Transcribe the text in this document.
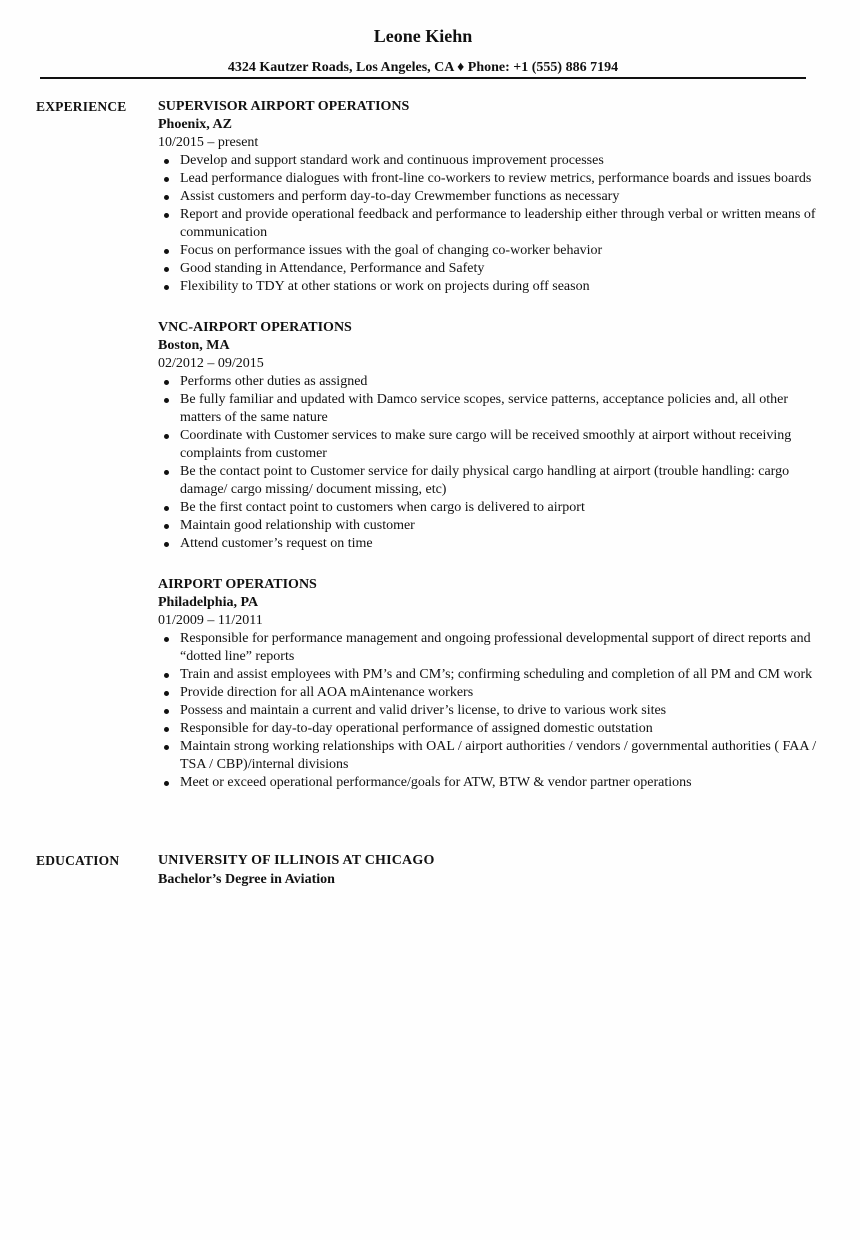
Leone Kiehn
4324 Kautzer Roads, Los Angeles, CA ♦ Phone: +1 (555) 886 7194
EXPERIENCE SUPERVISOR AIRPORT OPERATIONS
Phoenix, AZ
10/2015 – present
Develop and support standard work and continuous improvement processes
Lead performance dialogues with front-line co-workers to review metrics, performance boards and issues boards
Assist customers and perform day-to-day Crewmember functions as necessary
Report and provide operational feedback and performance to leadership either through verbal or written means of communication
Focus on performance issues with the goal of changing co-worker behavior
Good standing in Attendance, Performance and Safety
Flexibility to TDY at other stations or work on projects during off season
VNC-AIRPORT OPERATIONS
Boston, MA
02/2012 – 09/2015
Performs other duties as assigned
Be fully familiar and updated with Damco service scopes, service patterns, acceptance policies and, all other matters of the same nature
Coordinate with Customer services to make sure cargo will be received smoothly at airport without receiving complaints from customer
Be the contact point to Customer service for daily physical cargo handling at airport (trouble handling: cargo damage/ cargo missing/ document missing, etc)
Be the first contact point to customers when cargo is delivered to airport
Maintain good relationship with customer
Attend customer’s request on time
AIRPORT OPERATIONS
Philadelphia, PA
01/2009 – 11/2011
Responsible for performance management and ongoing professional developmental support of direct reports and “dotted line” reports
Train and assist employees with PM’s and CM’s; confirming scheduling and completion of all PM and CM work
Provide direction for all AOA mAintenance workers
Possess and maintain a current and valid driver’s license, to drive to various work sites
Responsible for day-to-day operational performance of assigned domestic outstation
Maintain strong working relationships with OAL / airport authorities / vendors / governmental authorities ( FAA / TSA / CBP)/internal divisions
Meet or exceed operational performance/goals for ATW, BTW & vendor partner operations
EDUCATION	UNIVERSITY OF ILLINOIS AT CHICAGO
Bachelor’s Degree in Aviation
